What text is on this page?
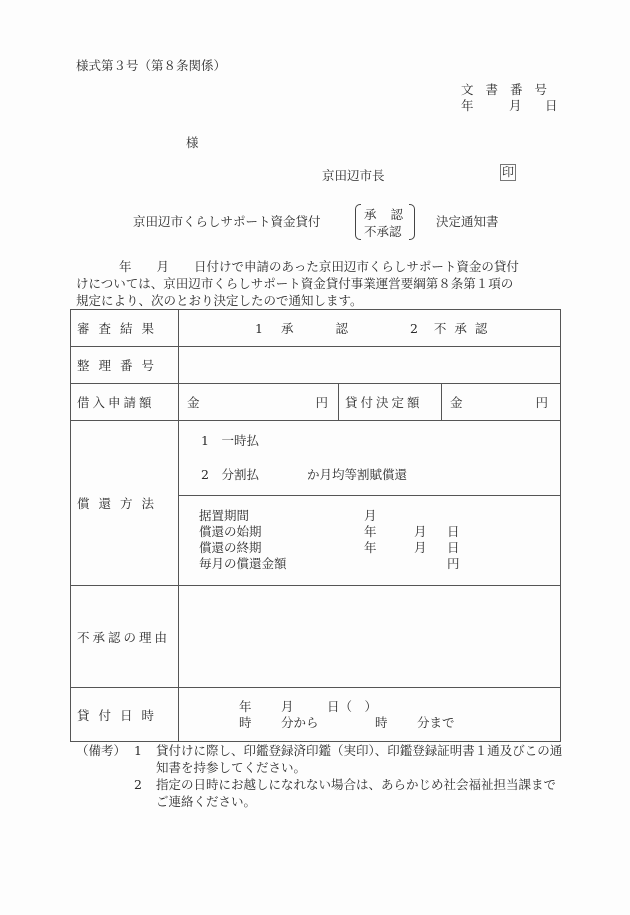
様式第３号（第８条関係）
文書番号
年	月 日
様
京田辺市長	印
京田辺市くらしサポート資金貸付	承認
不承認
決定通知書
年　　月　　日付けで申請のあった京田辺市くらしサポート資金の貸付
けについては、京田辺市くらしサポート資金貸付事業運営要綱第８条第１項の
規定により、次のとおり決定したので通知します。
審査結果	1 承 認 2 不承認		
整理番号			
借入申請額	金 円	貸付決定額	金 円

償還方法	1　一時払
2　分割払 か月均等割賦償還		

据置期間	月
償還の始期	年	月 日
償還の終期	年	月 日
毎月の償還金額	円

不承認の理由			
貸付日時	
年 月	日（　）
時 分から	時 分まで
（備考） 1	貸付けに際し、印鑑登録済印鑑（実印）、印鑑登録証明書１通及びこの通知書を持参してください。
2	指定の日時にお越しになれない場合は、あらかじめ社会福祉担当課までご連絡ください。
